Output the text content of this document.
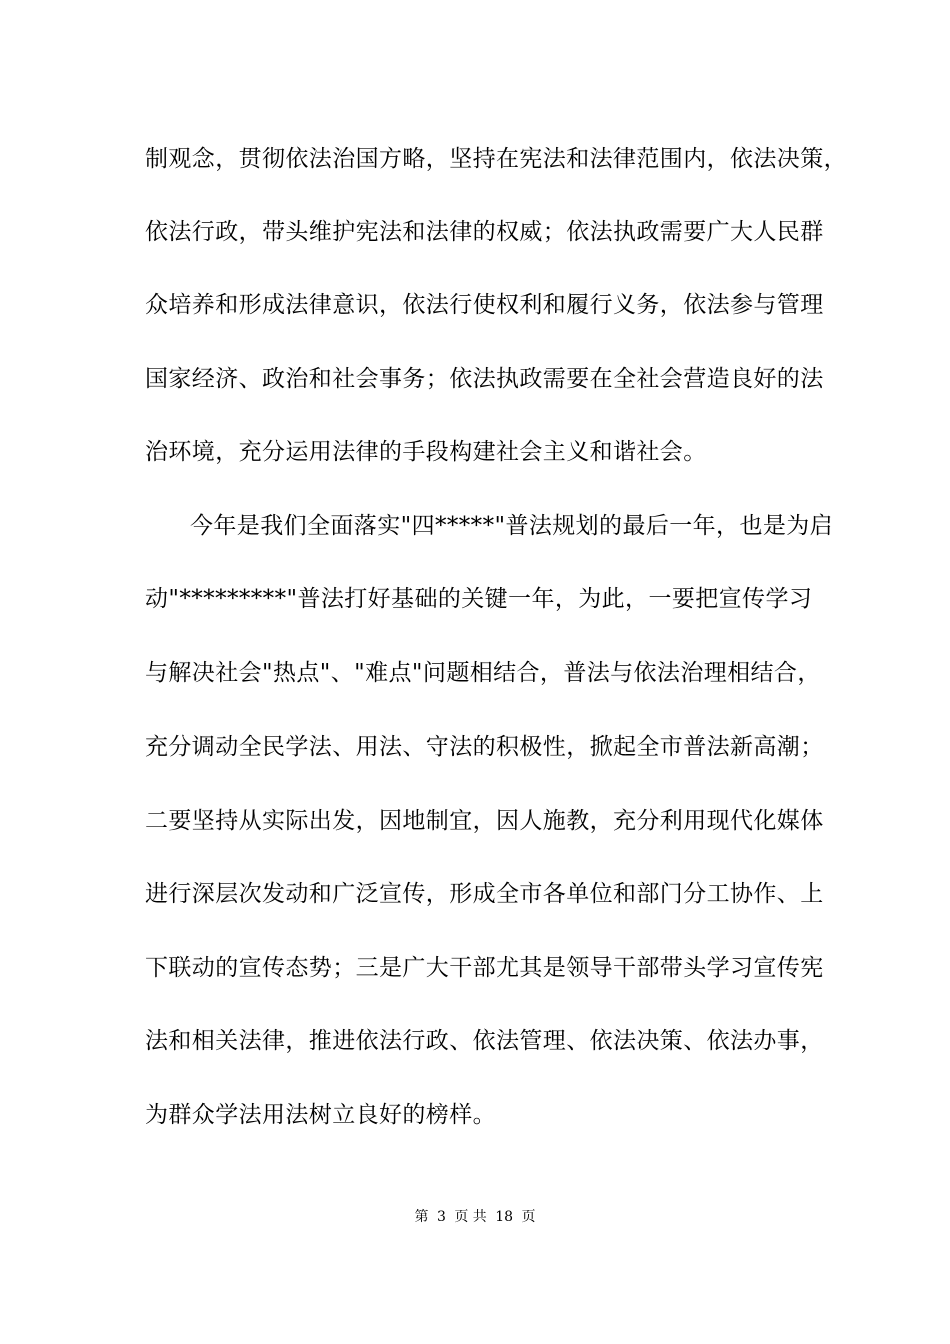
制观念，贯彻依法治国方略，坚持在宪法和法律范围内，依法决策，
依法行政，带头维护宪法和法律的权威；依法执政需要广大人民群
众培养和形成法律意识，依法行使权利和履行义务，依法参与管理
国家经济、政治和社会事务；依法执政需要在全社会营造良好的法
治环境，充分运用法律的手段构建社会主义和谐社会。
今年是我们全面落实"四*****"普法规划的最后一年，也是为启
动"*********"普法打好基础的关键一年，为此，一要把宣传学习
与解决社会"热点"、"难点"问题相结合，普法与依法治理相结合，
充分调动全民学法、用法、守法的积极性，掀起全市普法新高潮；
二要坚持从实际出发，因地制宜，因人施教，充分利用现代化媒体
进行深层次发动和广泛宣传，形成全市各单位和部门分工协作、上
下联动的宣传态势；三是广大干部尤其是领导干部带头学习宣传宪
法和相关法律，推进依法行政、依法管理、依法决策、依法办事，
为群众学法用法树立良好的榜样。
第 3 页 共 18 页
